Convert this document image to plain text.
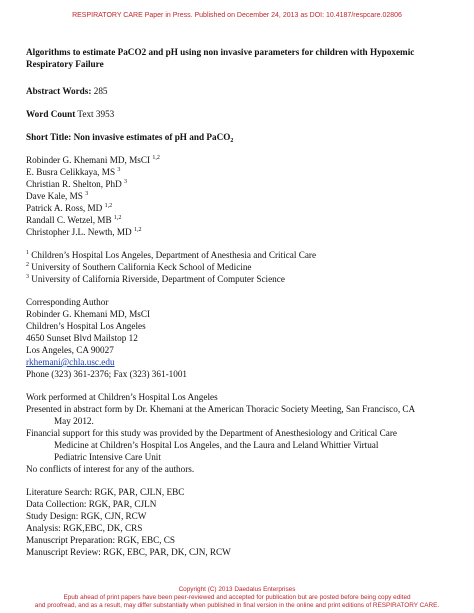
RESPIRATORY CARE Paper in Press. Published on December 24, 2013 as DOI: 10.4187/respcare.02806
Algorithms to estimate PaCO2 and pH using non invasive parameters for children with Hypoxemic Respiratory Failure
Abstract Words: 285
Word Count Text 3953
Short Title: Non invasive estimates of pH and PaCO$_2$
Robinder G. Khemani MD, MsCI $^{1,2}$
E. Busra Celikkaya, MS $^3$
Christian R. Shelton, PhD $^3$
Dave Kale, MS $^3$
Patrick A. Ross, MD $^{1,2}$
Randall C. Wetzel, MB $^{1,2}$
Christopher J.L. Newth, MD $^{1,2}$
$^1$ Children’s Hospital Los Angeles, Department of Anesthesia and Critical Care
$^2$ University of Southern California Keck School of Medicine
$^3$ University of California Riverside, Department of Computer Science
Corresponding Author
Robinder G. Khemani MD, MsCI
Children’s Hospital Los Angeles
4650 Sunset Blvd Mailstop 12
Los Angeles, CA 90027
rkhemani@chla.usc.edu
Phone (323) 361-2376; Fax (323) 361-1001
Work performed at Children’s Hospital Los Angeles
Presented in abstract form by Dr. Khemani at the American Thoracic Society Meeting, San Francisco, CA
May 2012.
Financial support for this study was provided by the Department of Anesthesiology and Critical Care
Medicine at Children’s Hospital Los Angeles, and the Laura and Leland Whittier Virtual
Pediatric Intensive Care Unit
No conflicts of interest for any of the authors.
Literature Search: RGK, PAR, CJLN, EBC
Data Collection: RGK, PAR, CJLN
Study Design: RGK, CJN, RCW
Analysis: RGK,EBC, DK, CRS
Manuscript Preparation: RGK, EBC, CS
Manuscript Review: RGK, EBC, PAR, DK, CJN, RCW
Copyright (C) 2013 Daedalus Enterprises
Epub ahead of print papers have been peer-reviewed and accepted for publication but are posted before being copy edited
and proofread, and as a result, may differ substantially when published in final version in the online and print editions of RESPIRATORY CARE.
